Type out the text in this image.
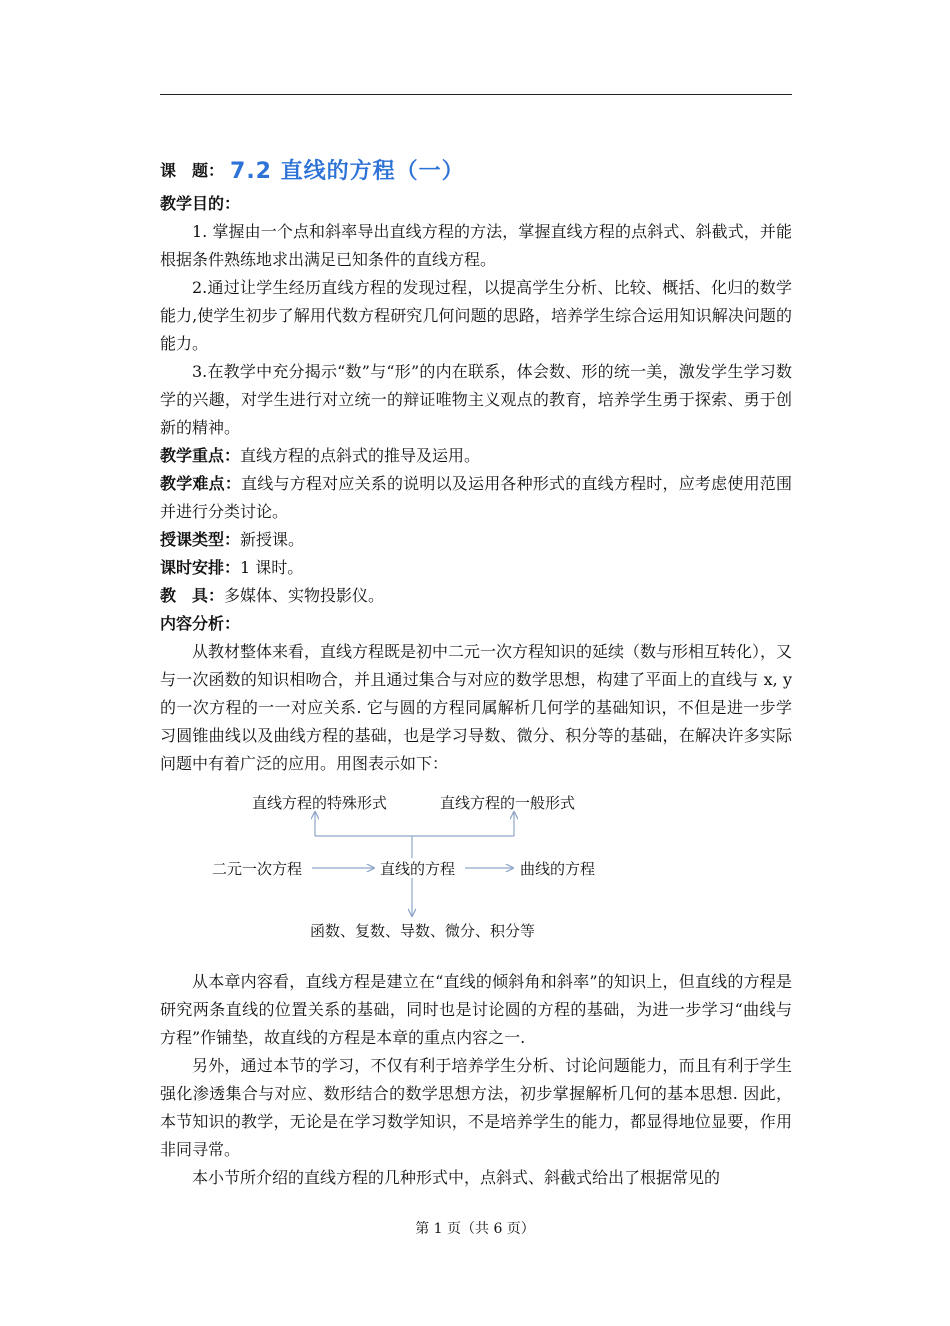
课　题： 7.2 直线的方程（一）

教学目的：

1. 掌握由一个点和斜率导出直线方程的方法，掌握直线方程的点斜式、斜截式，并能根据条件熟练地求出满足已知条件的直线方程。

2.通过让学生经历直线方程的发现过程，以提高学生分析、比较、概括、化归的数学能力,使学生初步了解用代数方程研究几何问题的思路，培养学生综合运用知识解决问题的能力。

3.在教学中充分揭示“数”与“形”的内在联系，体会数、形的统一美，激发学生学习数学的兴趣，对学生进行对立统一的辩证唯物主义观点的教育，培养学生勇于探索、勇于创新的精神。

教学重点：直线方程的点斜式的推导及运用。

教学难点：直线与方程对应关系的说明以及运用各种形式的直线方程时，应考虑使用范围并进行分类讨论。

授课类型：新授课。

课时安排：1 课时。

教　具：多媒体、实物投影仪。

内容分析：

从教材整体来看，直线方程既是初中二元一次方程知识的延续（数与形相互转化），又与一次函数的知识相吻合，并且通过集合与对应的数学思想，构建了平面上的直线与 x, y 的一次方程的一一对应关系. 它与圆的方程同属解析几何学的基础知识，不但是进一步学习圆锥曲线以及曲线方程的基础，也是学习导数、微分、积分等的基础，在解决许多实际问题中有着广泛的应用。用图表示如下：

直线方程的特殊形式	直线方程的一般形式
二元一次方程	直线的方程	曲线的方程
函数、复数、导数、微分、积分等

从本章内容看，直线方程是建立在“直线的倾斜角和斜率”的知识上，但直线的方程是研究两条直线的位置关系的基础，同时也是讨论圆的方程的基础，为进一步学习“曲线与方程”作铺垫，故直线的方程是本章的重点内容之一.

另外，通过本节的学习，不仅有利于培养学生分析、讨论问题能力，而且有利于学生强化渗透集合与对应、数形结合的数学思想方法，初步掌握解析几何的基本思想. 因此，本节知识的教学，无论是在学习数学知识，不是培养学生的能力，都显得地位显要，作用非同寻常。

本小节所介绍的直线方程的几种形式中，点斜式、斜截式给出了根据常见的

第 1 页（共 6 页）
